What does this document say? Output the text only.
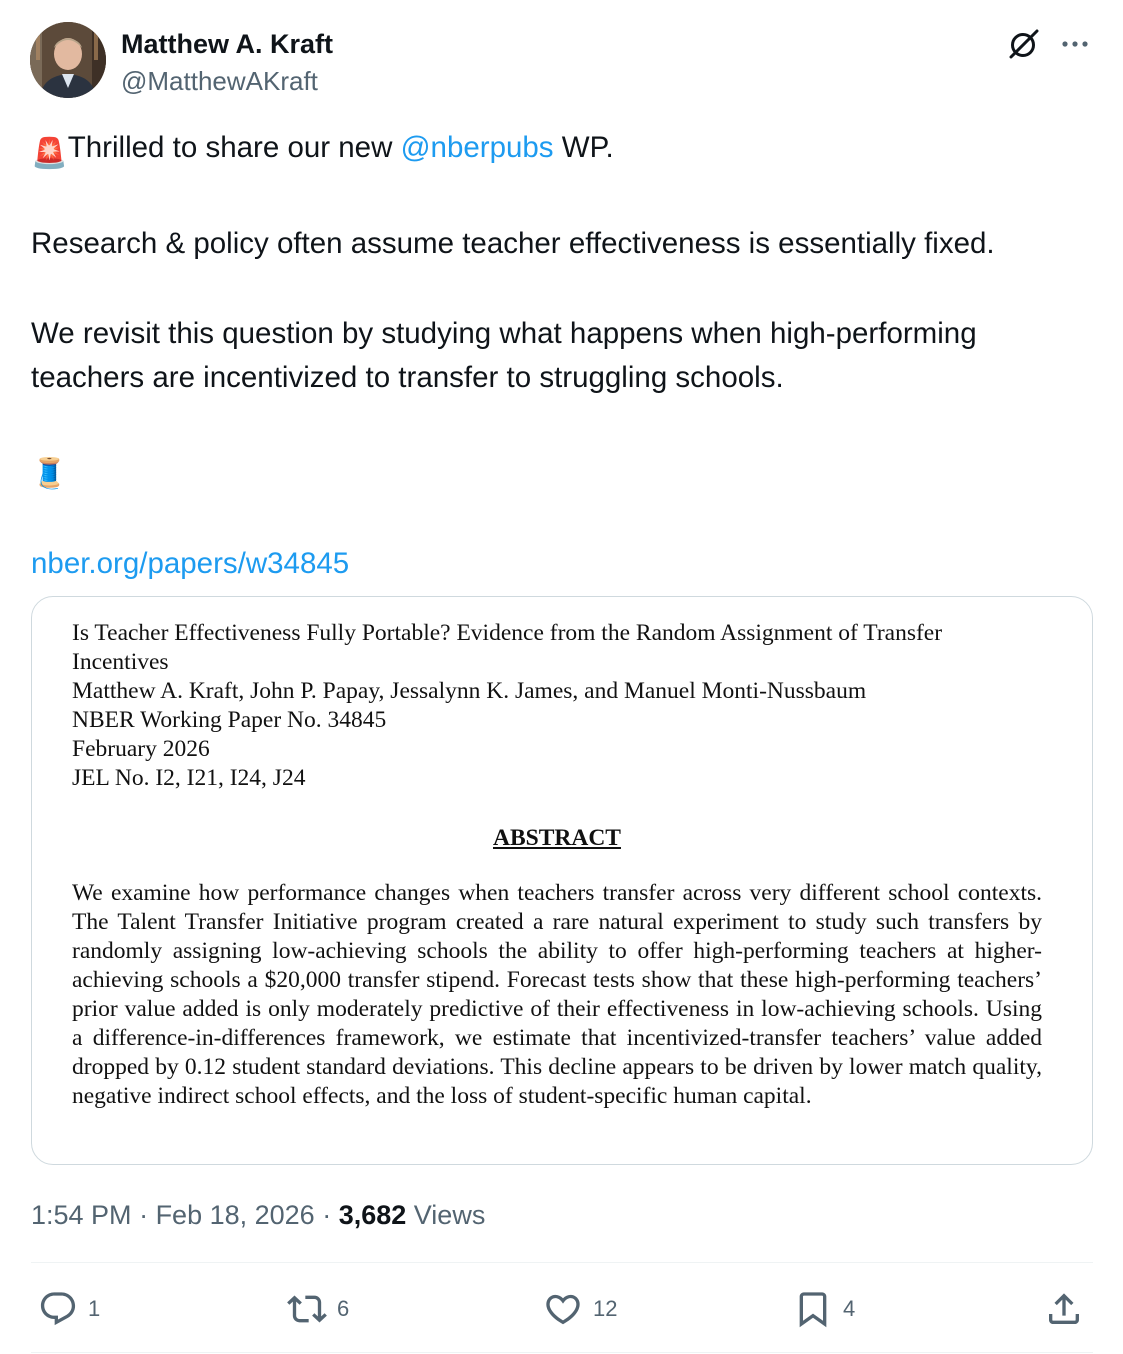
Matthew A. Kraft
@MatthewAKraft

🚨Thrilled to share our new @nberpubs WP.

Research & policy often assume teacher effectiveness is essentially fixed.

We revisit this question by studying what happens when high-performing

teachers are incentivized to transfer to struggling schools.

🧵

nber.org/papers/w34845

Is Teacher Effectiveness Fully Portable? Evidence from the Random Assignment of Transfer
Incentives
Matthew A. Kraft, John P. Papay, Jessalynn K. James, and Manuel Monti-Nussbaum
NBER Working Paper No. 34845
February 2026
JEL No. I2, I21, I24, J24
ABSTRACT
We examine how performance changes when teachers transfer across very different school contexts. The Talent Transfer Initiative program created a rare natural experiment to study such transfers by randomly assigning low-achieving schools the ability to offer high-performing teachers at higher-achieving schools a $20,000 transfer stipend. Forecast tests show that these high-performing teachers’ prior value added is only moderately predictive of their effectiveness in low-achieving schools. Using a difference-in-differences framework, we estimate that incentivized-transfer teachers’ value added dropped by 0.12 student standard deviations. This decline appears to be driven by lower match quality, negative indirect school effects, and the loss of student-specific human capital.
1:54 PM · Feb 18, 2026 · 3,682 Views
1	6	12	4
